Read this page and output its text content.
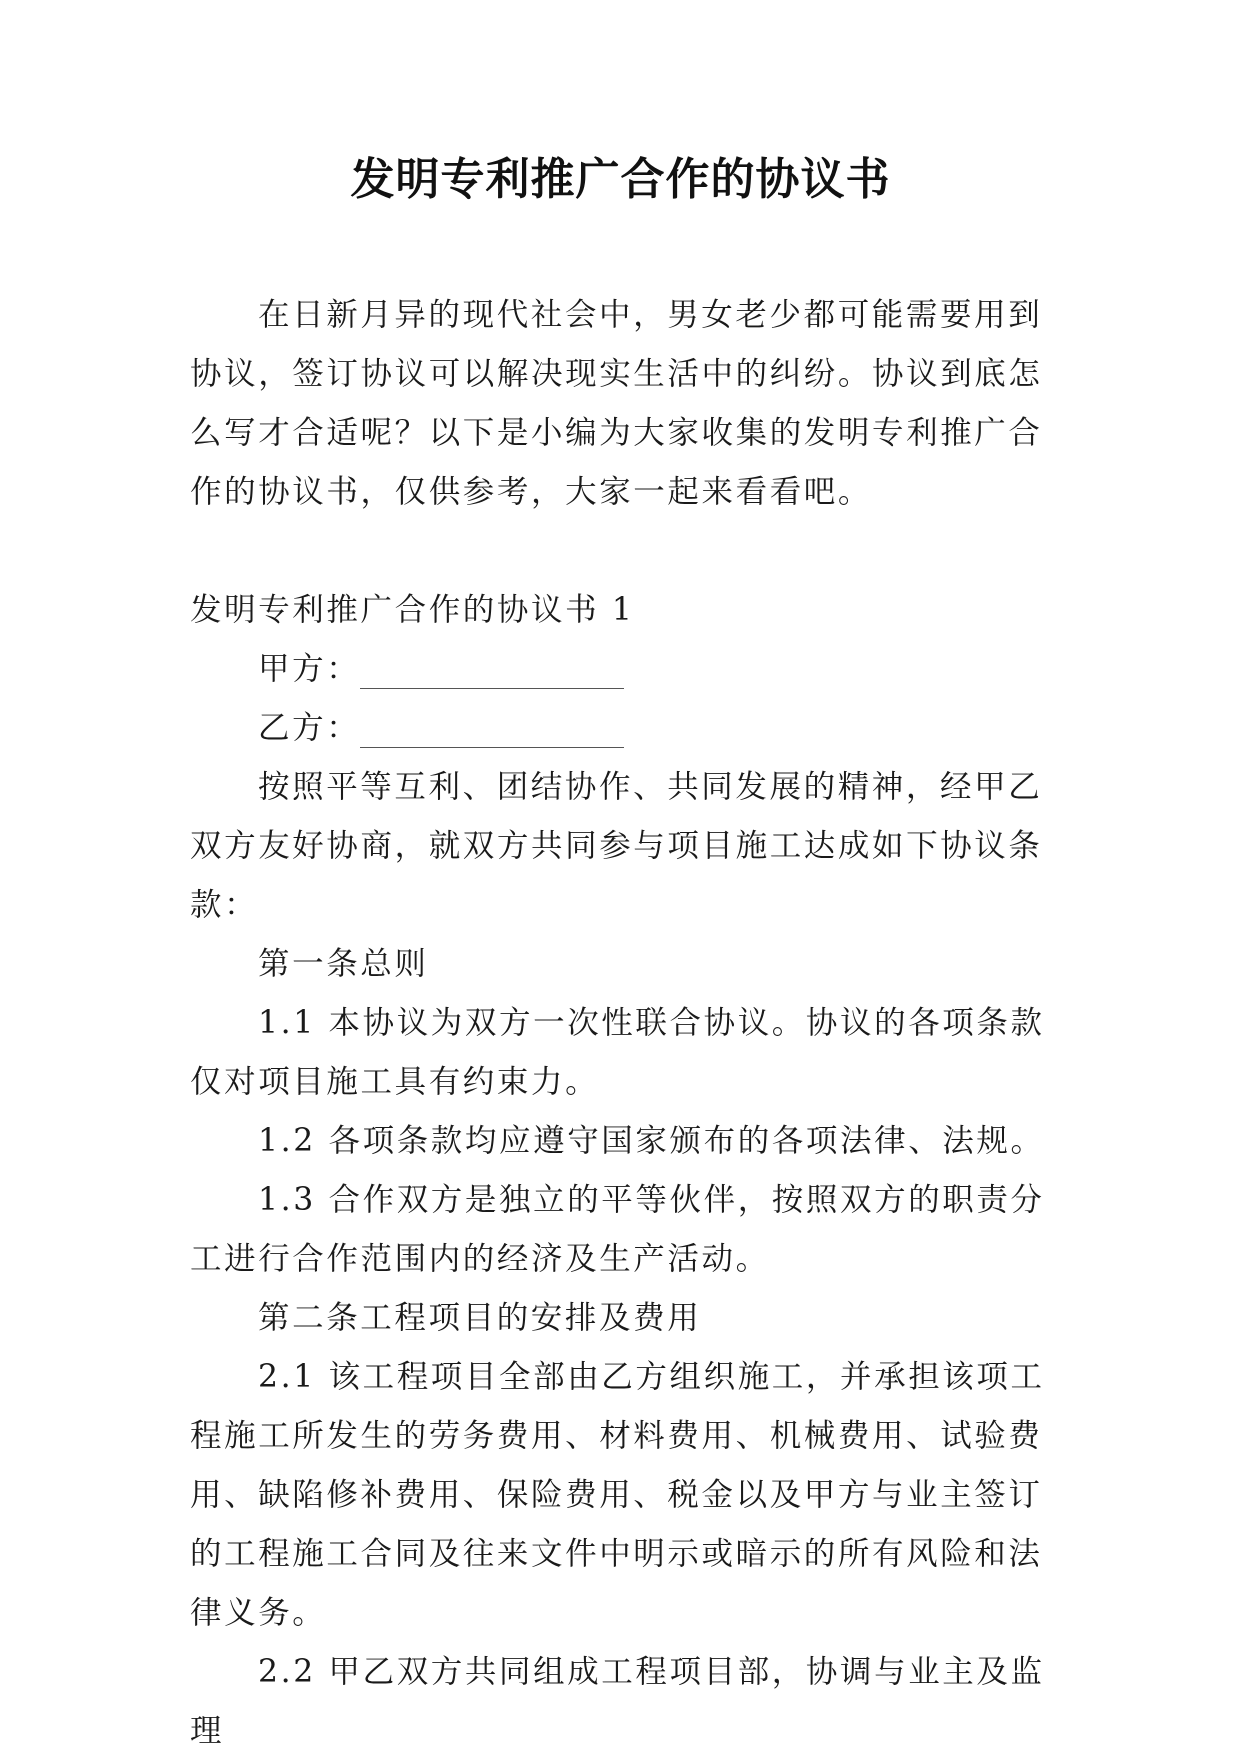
发明专利推广合作的协议书

在日新月异的现代社会中，男女老少都可能需要用到协议，签订协议可以解决现实生活中的纠纷。协议到底怎么写才合适呢？以下是小编为大家收集的发明专利推广合作的协议书，仅供参考，大家一起来看看吧。

发明专利推广合作的协议书 1

甲方：

乙方：

按照平等互利、团结协作、共同发展的精神，经甲乙双方友好协商，就双方共同参与项目施工达成如下协议条款：

第一条总则

1.1 本协议为双方一次性联合协议。协议的各项条款仅对项目施工具有约束力。

1.2 各项条款均应遵守国家颁布的各项法律、法规。

1.3 合作双方是独立的平等伙伴，按照双方的职责分工进行合作范围内的经济及生产活动。

第二条工程项目的安排及费用

2.1 该工程项目全部由乙方组织施工，并承担该项工程施工所发生的劳务费用、材料费用、机械费用、试验费用、缺陷修补费用、保险费用、税金以及甲方与业主签订的工程施工合同及往来文件中明示或暗示的所有风险和法律义务。

2.2 甲乙双方共同组成工程项目部，协调与业主及监理
